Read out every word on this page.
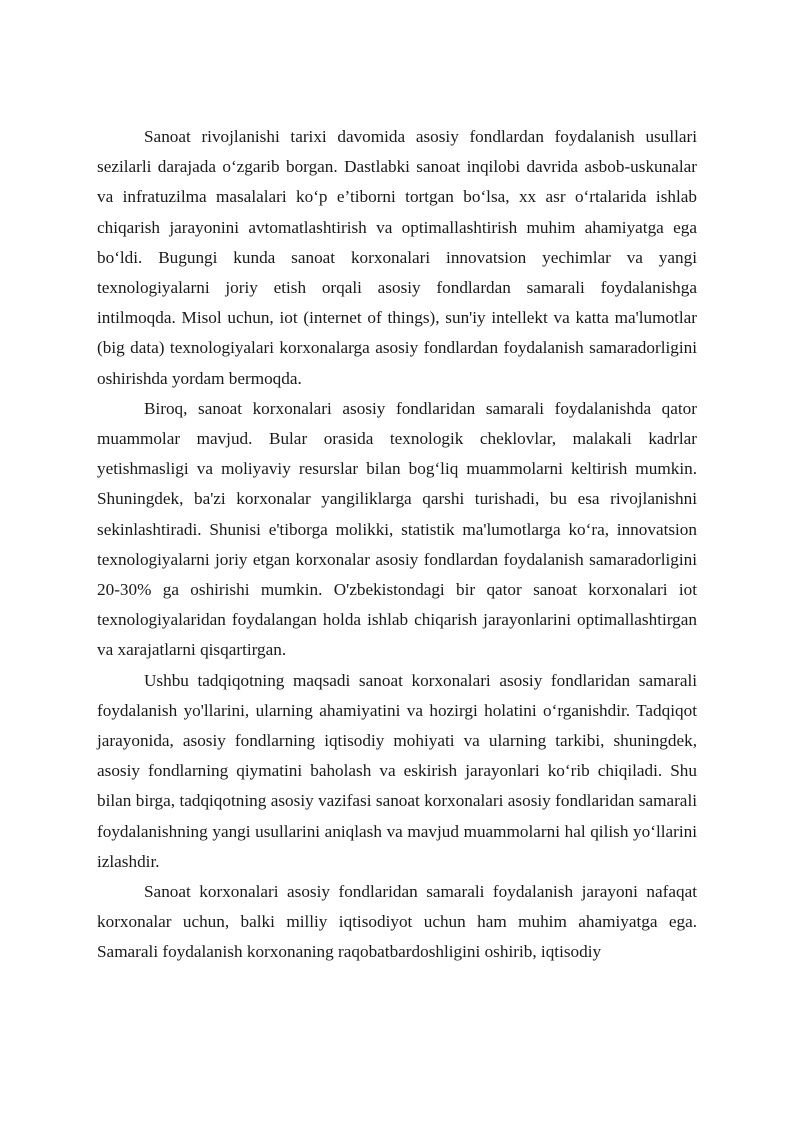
Sanoat rivojlanishi tarixi davomida asosiy fondlardan foydalanish usullari sezilarli darajada o‘zgarib borgan. Dastlabki sanoat inqilobi davrida asbob-uskunalar va infratuzilma masalalari ko‘p e’tiborni tortgan bo‘lsa, xx asr o‘rtalarida ishlab chiqarish jarayonini avtomatlashtirish va optimallashtirish muhim ahamiyatga ega bo‘ldi. Bugungi kunda sanoat korxonalari innovatsion yechimlar va yangi texnologiyalarni joriy etish orqali asosiy fondlardan samarali foydalanishga intilmoqda. Misol uchun, iot (internet of things), sun'iy intellekt va katta ma'lumotlar (big data) texnologiyalari korxonalarga asosiy fondlardan foydalanish samaradorligini oshirishda yordam bermoqda.

Biroq, sanoat korxonalari asosiy fondlaridan samarali foydalanishda qator muammolar mavjud. Bular orasida texnologik cheklovlar, malakali kadrlar yetishmasligi va moliyaviy resurslar bilan bog‘liq muammolarni keltirish mumkin. Shuningdek, ba'zi korxonalar yangiliklarga qarshi turishadi, bu esa rivojlanishni sekinlashtiradi. Shunisi e'tiborga molikki, statistik ma'lumotlarga ko‘ra, innovatsion texnologiyalarni joriy etgan korxonalar asosiy fondlardan foydalanish samaradorligini 20-30% ga oshirishi mumkin. O'zbekistondagi bir qator sanoat korxonalari iot texnologiyalaridan foydalangan holda ishlab chiqarish jarayonlarini optimallashtirgan va xarajatlarni qisqartirgan.

Ushbu tadqiqotning maqsadi sanoat korxonalari asosiy fondlaridan samarali foydalanish yo'llarini, ularning ahamiyatini va hozirgi holatini o‘rganishdir. Tadqiqot jarayonida, asosiy fondlarning iqtisodiy mohiyati va ularning tarkibi, shuningdek, asosiy fondlarning qiymatini baholash va eskirish jarayonlari ko‘rib chiqiladi. Shu bilan birga, tadqiqotning asosiy vazifasi sanoat korxonalari asosiy fondlaridan samarali foydalanishning yangi usullarini aniqlash va mavjud muammolarni hal qilish yo‘llarini izlashdir.

Sanoat korxonalari asosiy fondlaridan samarali foydalanish jarayoni nafaqat korxonalar uchun, balki milliy iqtisodiyot uchun ham muhim ahamiyatga ega. Samarali foydalanish korxonaning raqobatbardoshligini oshirib, iqtisodiy
